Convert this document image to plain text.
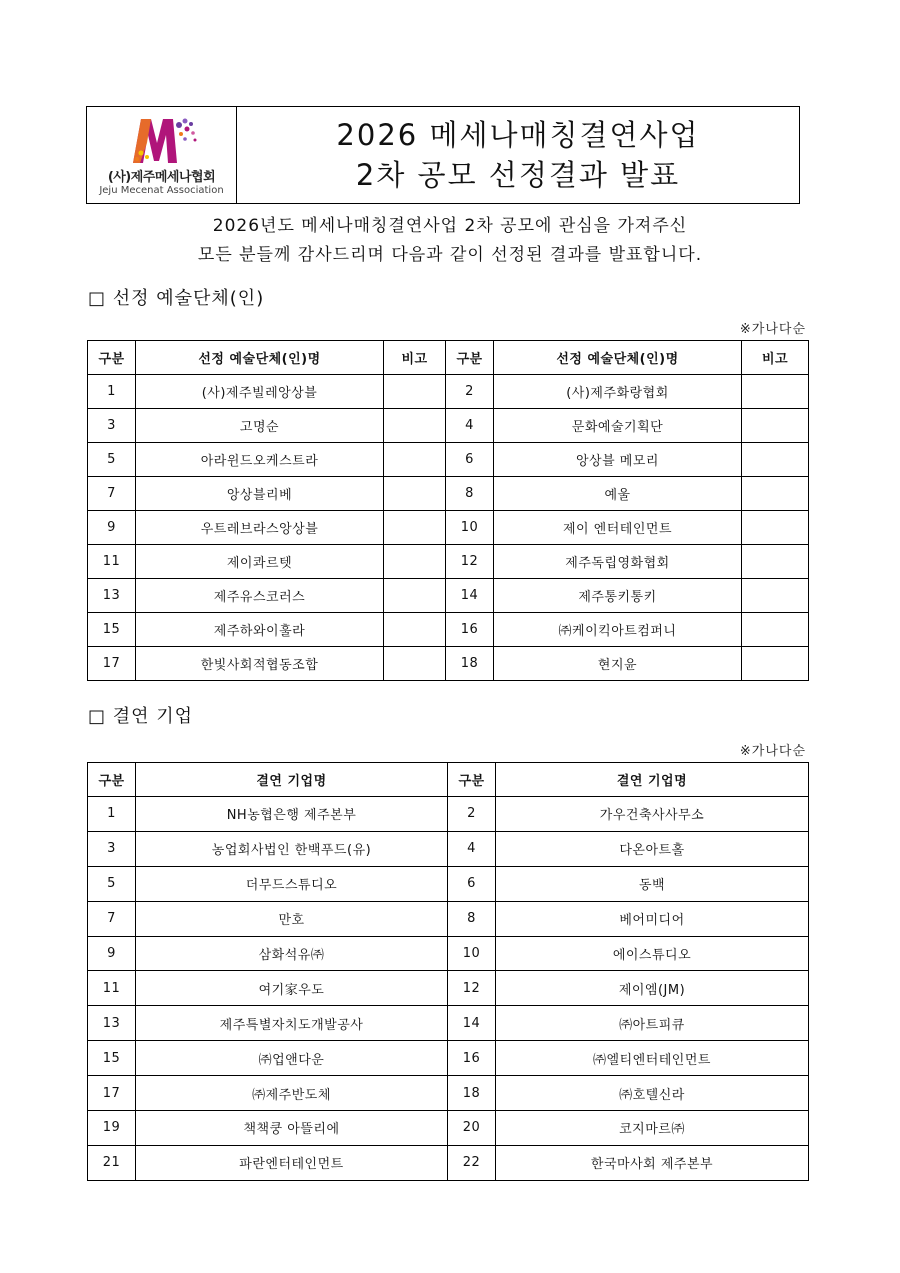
(사)제주메세나협회
Jeju Mecenat Association
2026 메세나매칭결연사업
2차 공모 선정결과 발표
2026년도 메세나매칭결연사업 2차 공모에 관심을 가져주신
모든 분들께 감사드리며 다음과 같이 선정된 결과를 발표합니다.
□ 선정 예술단체(인)
※가나다순
구분	선정 예술단체(인)명	비고	구분	선정 예술단체(인)명	비고
1	(사)제주빌레앙상블		2	(사)제주화랑협회	
3	고명순		4	문화예술기획단	
5	아라윈드오케스트라		6	앙상블 메모리	
7	앙상블리베		8	예울	
9	우트레브라스앙상블		10	제이 엔터테인먼트	
11	제이콰르텟		12	제주독립영화협회	
13	제주유스코러스		14	제주통키통키	
15	제주하와이훌라		16	㈜케이킥아트컴퍼니	
17	한빛사회적협동조합		18	현지윤	
□ 결연 기업
※가나다순
구분	결연 기업명	구분	결연 기업명
1	NH농협은행 제주본부	2	가우건축사사무소
3	농업회사법인 한백푸드(유)	4	다온아트홀
5	더무드스튜디오	6	동백
7	만호	8	베어미디어
9	삼화석유㈜	10	에이스튜디오
11	여기家우도	12	제이엠(JM)
13	제주특별자치도개발공사	14	㈜아트피큐
15	㈜업앤다운	16	㈜엘티엔터테인먼트
17	㈜제주반도체	18	㈜호텔신라
19	책책쿵 아뜰리에	20	코지마르㈜
21	파란엔터테인먼트	22	한국마사회 제주본부
